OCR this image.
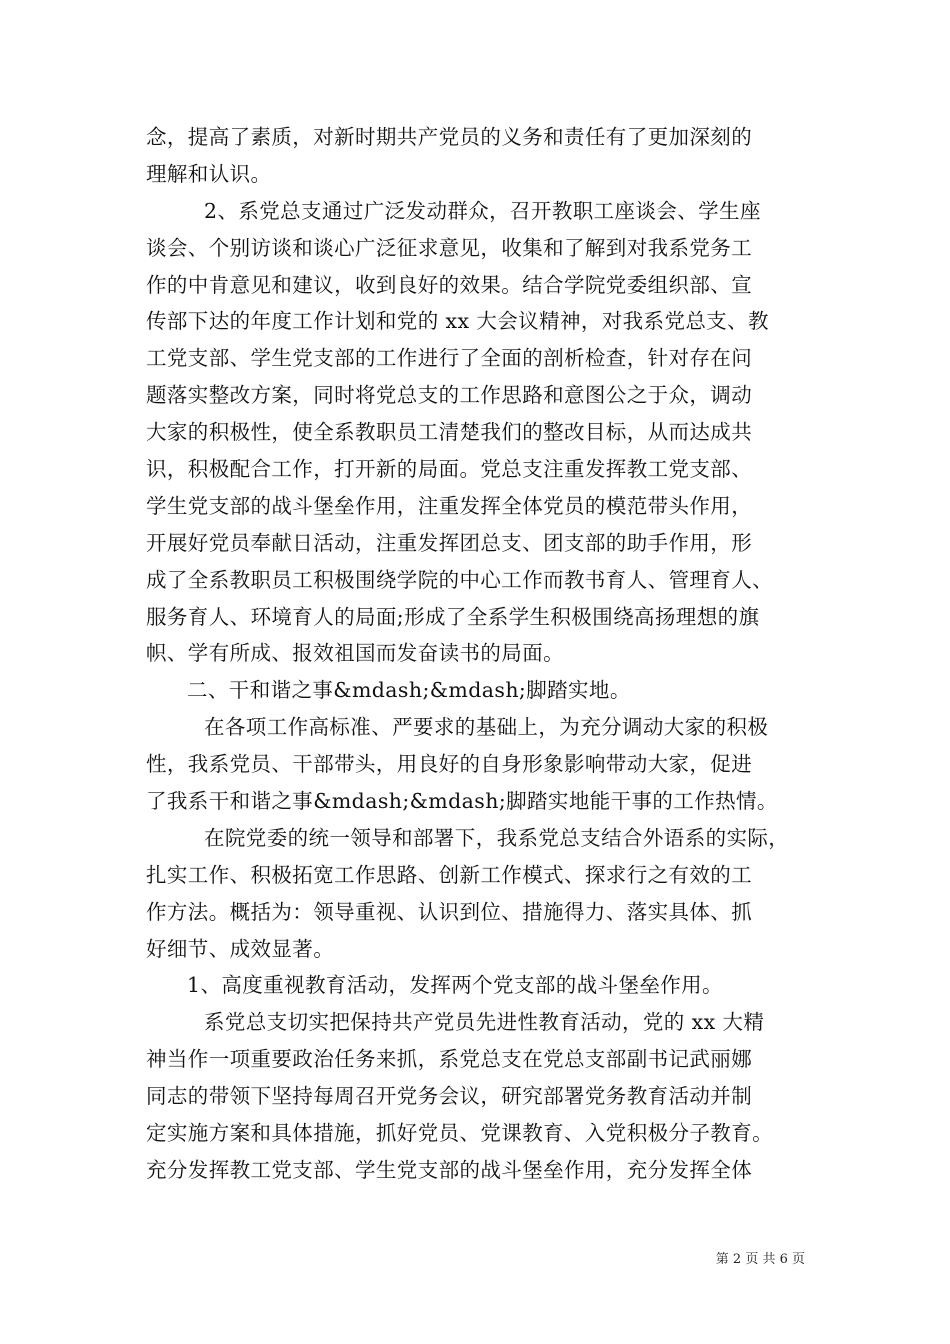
念，提高了素质，对新时期共产党员的义务和责任有了更加深刻的
理解和认识。
2、系党总支通过广泛发动群众，召开教职工座谈会、学生座
谈会、个别访谈和谈心广泛征求意见，收集和了解到对我系党务工
作的中肯意见和建议，收到良好的效果。结合学院党委组织部、宣
传部下达的年度工作计划和党的 xx 大会议精神，对我系党总支、教
工党支部、学生党支部的工作进行了全面的剖析检查，针对存在问
题落实整改方案，同时将党总支的工作思路和意图公之于众，调动
大家的积极性，使全系教职员工清楚我们的整改目标，从而达成共
识，积极配合工作，打开新的局面。党总支注重发挥教工党支部、
学生党支部的战斗堡垒作用，注重发挥全体党员的模范带头作用，
开展好党员奉献日活动，注重发挥团总支、团支部的助手作用，形
成了全系教职员工积极围绕学院的中心工作而教书育人、管理育人、
服务育人、环境育人的局面;形成了全系学生积极围绕高扬理想的旗
帜、学有所成、报效祖国而发奋读书的局面。
二、干和谐之事&mdash;&mdash;脚踏实地。
在各项工作高标准、严要求的基础上，为充分调动大家的积极
性，我系党员、干部带头，用良好的自身形象影响带动大家，促进
了我系干和谐之事&mdash;&mdash;脚踏实地能干事的工作热情。
在院党委的统一领导和部署下，我系党总支结合外语系的实际，
扎实工作、积极拓宽工作思路、创新工作模式、探求行之有效的工
作方法。概括为：领导重视、认识到位、措施得力、落实具体、抓
好细节、成效显著。
1、高度重视教育活动，发挥两个党支部的战斗堡垒作用。
系党总支切实把保持共产党员先进性教育活动，党的 xx 大精
神当作一项重要政治任务来抓，系党总支在党总支部副书记武丽娜
同志的带领下坚持每周召开党务会议，研究部署党务教育活动并制
定实施方案和具体措施，抓好党员、党课教育、入党积极分子教育。
充分发挥教工党支部、学生党支部的战斗堡垒作用，充分发挥全体
第 2 页 共 6 页
